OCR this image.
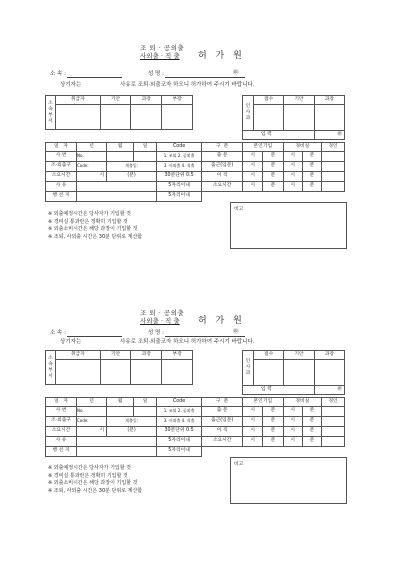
조 퇴 · 공외출
사외출 · 직 출 허 가 원
소 속 :	성 명 :	㊞
상기자는	사유로 조퇴·외출코자 하오니 허가하여 주시기 바랍니다.
소
속
부
서	취급자	기안	과장	부장

인
사
과	접수	기안	과장

입 력			㊞
일 자	년	월	일	Code	구 분	본인기입		경비실		경인
사 번	No.			1. 조퇴 2. 공외출	출 문	시	분	시	분	
조·외출구	Code:	계출일:		3. 사외출 4. 직출	출근(입문)	시	분	시	분	
소요시간	시	(분)		30분단위 0.5	이 직	시	분	시	분	
사 유				5자리이내	소요시간	시	분	시	분	
행 선 지				5자리이내						
※ 외출예정시간은 당사자가 기입할 것
※ 경비실 통과란은 정확히 기입할 것
※ 외출소비시간은 해당 과장이 기입할 것
※ 조퇴, 사외출 시간은 30분 단위로 계산함
비고
조 퇴 · 공외출
사외출 · 직 출 허 가 원
소 속 :	성 명 :	㊞
상기자는	사유로 조퇴·외출코자 하오니 허가하여 주시기 바랍니다.
소
속
부
서	취급자	기안	과장	부장

인
사
과	접수	기안	과장

입 력			㊞
일 자	년	월	일	Code	구 분	본인기입		경비실		경인
사 번	No.			1. 조퇴 2. 공외출	출 문	시	분	시	분	
조·외출구	Code:	계출일:		3. 사외출 4. 직출	출근(입문)	시	분	시	분	
소요시간	시	(분)		30분단위 0.5	이 직	시	분	시	분	
사 유				5자리이내	소요시간	시	분	시	분	
행 선 지				5자리이내						
※ 외출예정시간은 당사자가 기입할 것
※ 경비실 통과란은 정확히 기입할 것
※ 외출소비시간은 해당 과장이 기입할 것
※ 조퇴, 사외출 시간은 30분 단위로 계산함
비고
